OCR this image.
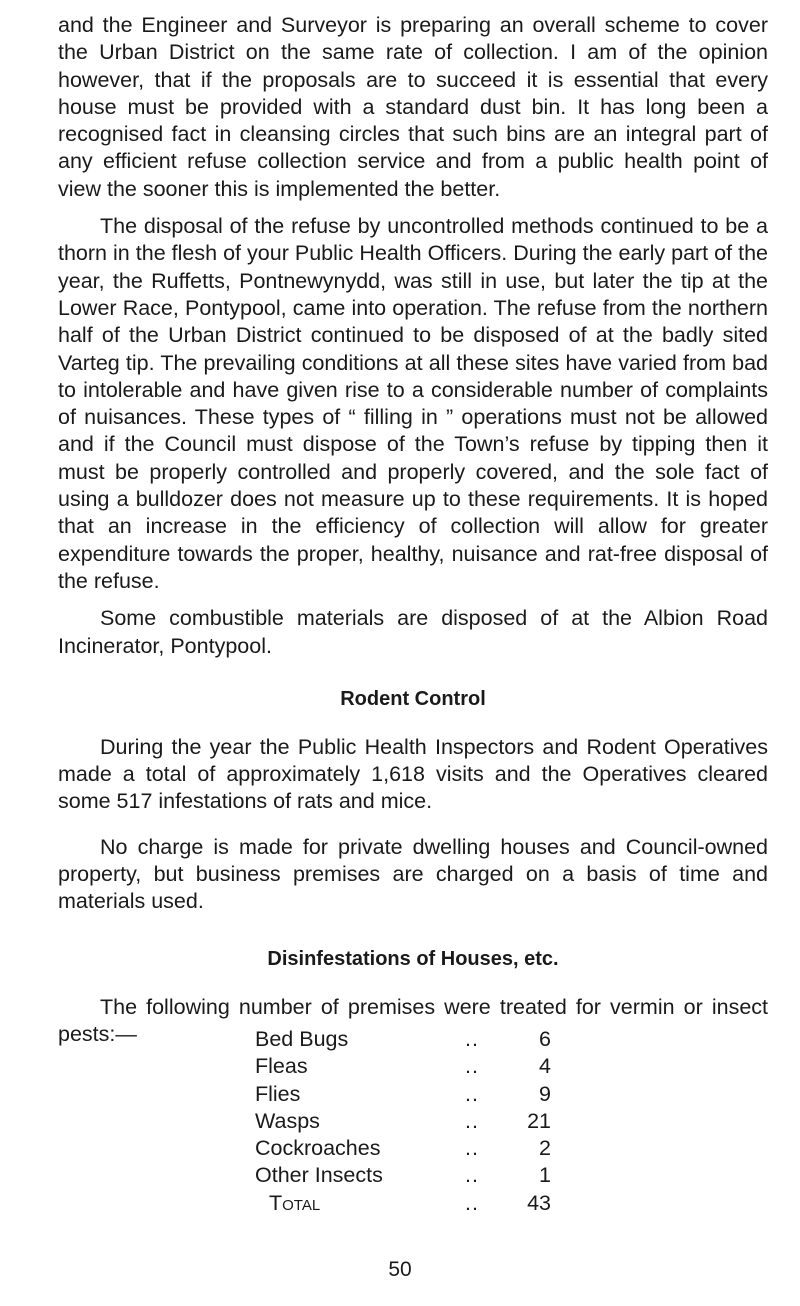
and the Engineer and Surveyor is preparing an overall scheme to cover the Urban District on the same rate of collection. I am of the opinion however, that if the proposals are to succeed it is essential that every house must be provided with a standard dust bin. It has long been a recognised fact in cleansing circles that such bins are an integral part of any efficient refuse collection service and from a public health point of view the sooner this is implemented the better.

The disposal of the refuse by uncontrolled methods continued to be a thorn in the flesh of your Public Health Officers. During the early part of the year, the Ruffetts, Pontnewynydd, was still in use, but later the tip at the Lower Race, Pontypool, came into operation. The refuse from the northern half of the Urban District continued to be disposed of at the badly sited Varteg tip. The prevailing conditions at all these sites have varied from bad to intolerable and have given rise to a considerable number of complaints of nuisances. These types of “ filling in ” operations must not be allowed and if the Council must dispose of the Town’s refuse by tipping then it must be properly controlled and properly covered, and the sole fact of using a bulldozer does not measure up to these requirements. It is hoped that an increase in the efficiency of collection will allow for greater expenditure towards the proper, healthy, nuisance and rat-free disposal of the refuse.

Some combustible materials are disposed of at the Albion Road Incinerator, Pontypool.

Rodent Control

During the year the Public Health Inspectors and Rodent Operatives made a total of approximately 1,618 visits and the Operatives cleared some 517 infestations of rats and mice.

No charge is made for private dwelling houses and Council-owned property, but business premises are charged on a basis of time and materials used.

Disinfestations of Houses, etc.

The following number of premises were treated for vermin or insect pests:—	Bed Bugs	..	6
Fleas	..	4
Flies	..	9
Wasps	..	21
Cockroaches	..	2
Other Insects	..	1
Total	..	43
50
